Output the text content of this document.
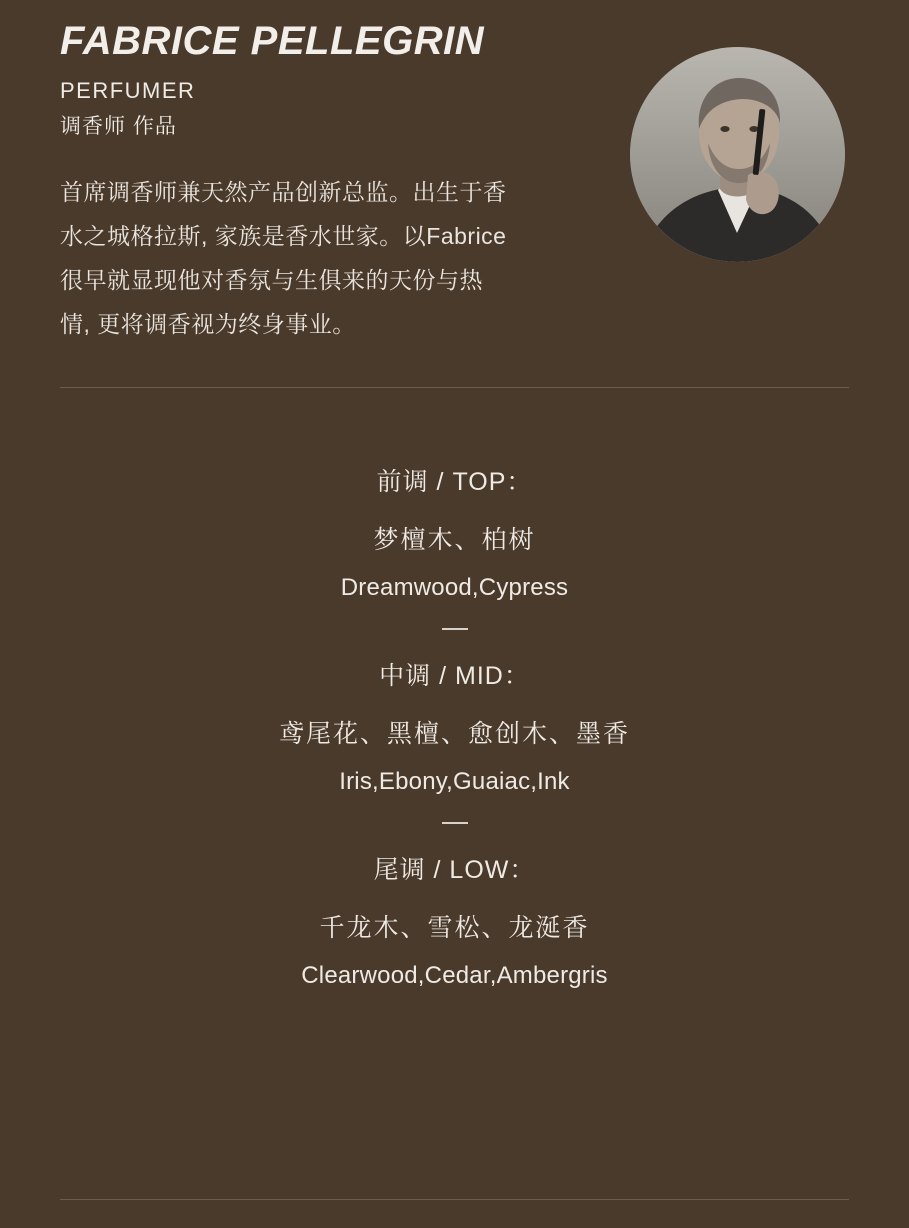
FABRICE PELLEGRIN
PERFUMER
调香师 作品
首席调香师兼天然产品创新总监。出生于香水之城格拉斯, 家族是香水世家。以Fabrice很早就显现他对香氛与生俱来的天份与热情, 更将调香视为终身事业。
前调 / TOP：
梦檀木、柏树
Dreamwood,Cypress
中调 / MID：
鸢尾花、黑檀、愈创木、墨香
Iris,Ebony,Guaiac,Ink
尾调 / LOW：
千龙木、雪松、龙涎香
Clearwood,Cedar,Ambergris
